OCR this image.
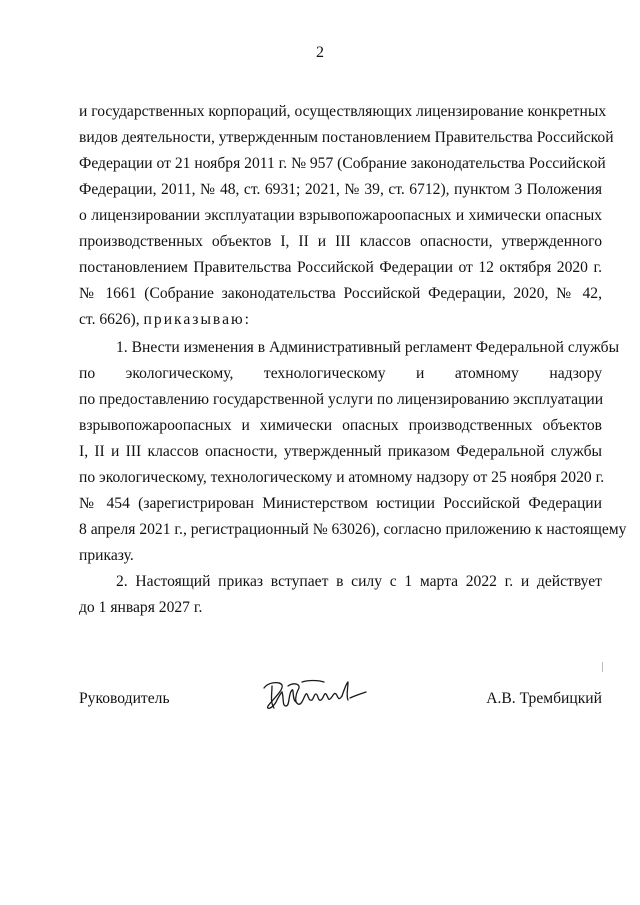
2
и государственных корпораций, осуществляющих лицензирование конкретных
видов деятельности, утвержденным постановлением Правительства Российской
Федерации от 21 ноября 2011 г. № 957 (Собрание законодательства Российской
Федерации, 2011, № 48, ст. 6931; 2021, № 39, ст. 6712), пунктом 3 Положения
о лицензировании эксплуатации взрывопожароопасных и химически опасных
производственных объектов I, II и III классов опасности, утвержденного
постановлением Правительства Российской Федерации от 12 октября 2020 г.
№ 1661 (Собрание законодательства Российской Федерации, 2020, № 42,
ст. 6626), приказываю:
1. Внести изменения в Административный регламент Федеральной службы
по экологическому, технологическому и атомному надзору
по предоставлению государственной услуги по лицензированию эксплуатации
взрывопожароопасных и химически опасных производственных объектов
I, II и III классов опасности, утвержденный приказом Федеральной службы
по экологическому, технологическому и атомному надзору от 25 ноября 2020 г.
№ 454 (зарегистрирован Министерством юстиции Российской Федерации
8 апреля 2021 г., регистрационный № 63026), согласно приложению к настоящему
приказу.
2. Настоящий приказ вступает в силу с 1 марта 2022 г. и действует
до 1 января 2027 г.
Руководитель	А.В. Трембицкий
